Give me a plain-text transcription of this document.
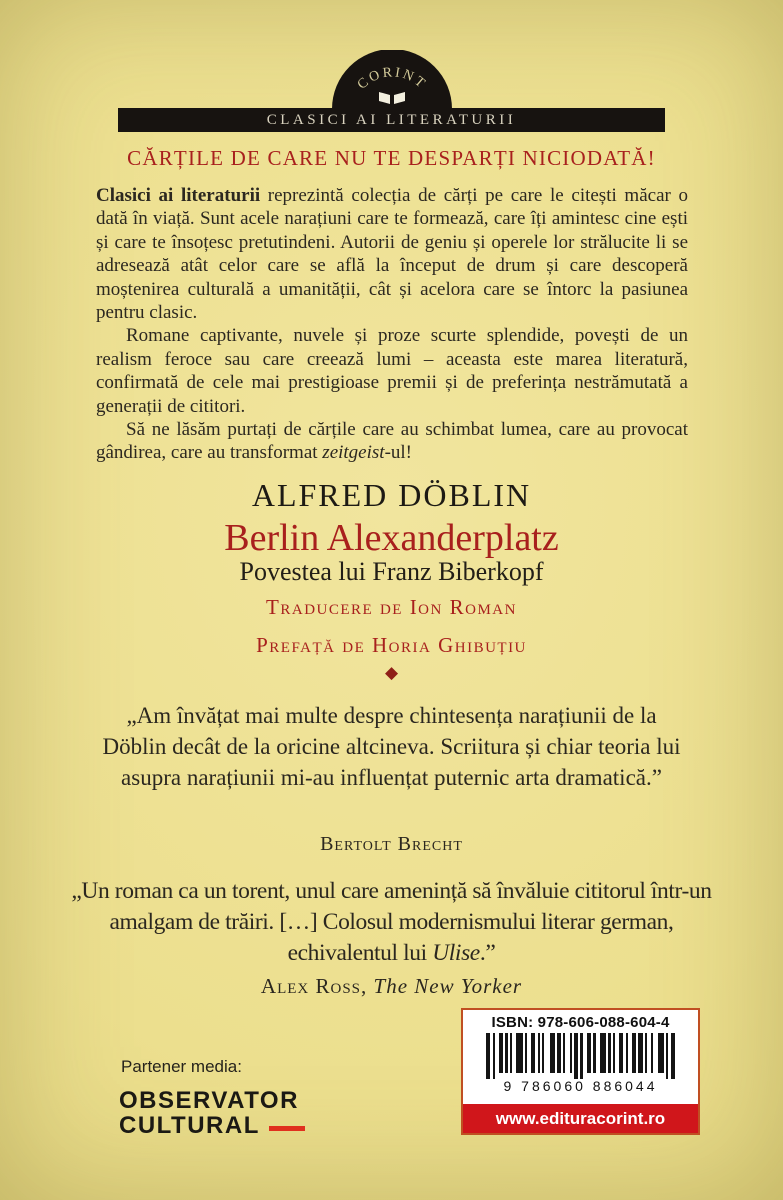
CORINT
CLASICI AI LITERATURII
CĂRȚILE DE CARE NU TE DESPARȚI NICIODATĂ!

Clasici ai literaturii reprezintă colecția de cărți pe care le citești măcar o dată în viață. Sunt acele narațiuni care te formează, care îți amintesc cine ești și care te însoțesc pretutindeni. Autorii de geniu și operele lor strălucite li se adresează atât celor care se află la început de drum și care descoperă moștenirea culturală a umanității, cât și acelora care se întorc la pasiunea pentru clasic.

Romane captivante, nuvele și proze scurte splendide, povești de un realism feroce sau care creează lumi – aceasta este marea literatură, confirmată de cele mai prestigioase premii și de preferința nestrămutată a generații de cititori.

Să ne lăsăm purtați de cărțile care au schimbat lumea, care au provocat gândirea, care au transformat zeitgeist-ul!

ALFRED DÖBLIN
Berlin Alexanderplatz
Povestea lui Franz Biberkopf
Traducere de Ion Roman
Prefață de Horia Ghibuțiu
◆
„Am învățat mai multe despre chintesența narațiunii de la Döblin decât de la oricine altcineva. Scriitura și chiar teoria lui asupra narațiunii mi-au influențat puternic arta dramatică.”
Bertolt Brecht
„Un roman ca un torent, unul care amenință să învăluie cititorul într-un amalgam de trăiri. […] Colosul modernismului literar german, echivalentul lui Ulise.”
Alex Ross, The New Yorker
ISBN: 978-606-088-604-4
9 786060 886044
www.edituracorint.ro
Partener media:
OBSERVATOR
CULTURAL
